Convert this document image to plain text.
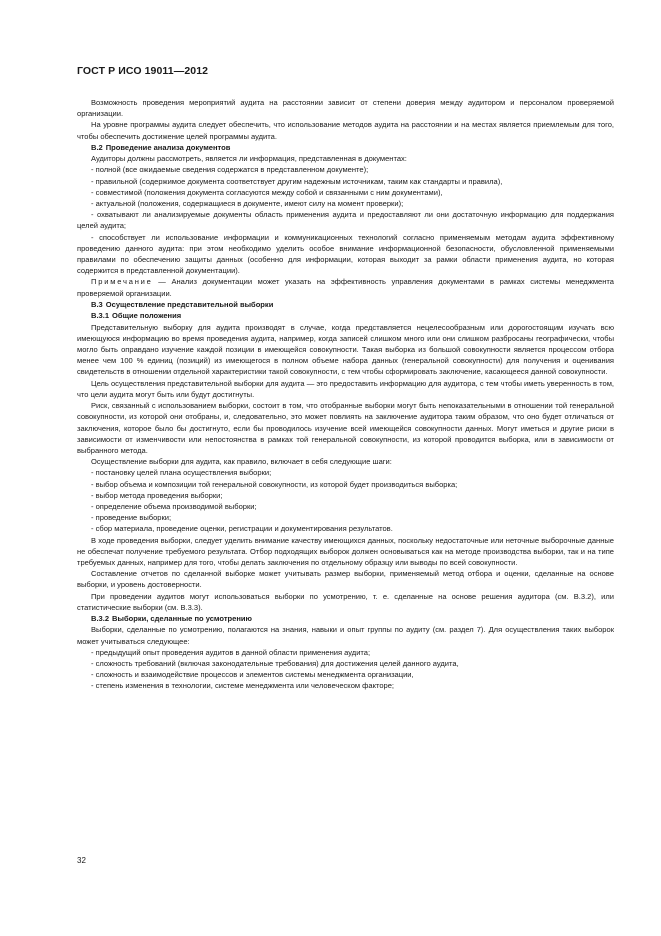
ГОСТ Р ИСО 19011—2012

Возможность проведения мероприятий аудита на расстоянии зависит от степени доверия между аудитором и персоналом проверяемой организации.

На уровне программы аудита следует обеспечить, что использование методов аудита на расстоянии и на местах является приемлемым для того, чтобы обеспечить достижение целей программы аудита.

В.2 Проведение анализа документов

Аудиторы должны рассмотреть, является ли информация, представленная в документах:

- полной (все ожидаемые сведения содержатся в представленном документе);

- правильной (содержимое документа соответствует другим надежным источникам, таким как стандарты и правила),

- совместимой (положения документа согласуются между собой и связанными с ним документами),

- актуальной (положения, содержащиеся в документе, имеют силу на момент проверки);

- охватывают ли анализируемые документы область применения аудита и предоставляют ли они достаточную информацию для поддержания целей аудита;

- способствует ли использование информации и коммуникационных технологий согласно применяемым методам аудита эффективному проведению данного аудита: при этом необходимо уделить особое внимание информационной безопасности, обусловленной применяемыми правилами по обеспечению защиты данных (особенно для информации, которая выходит за рамки области применения аудита, но которая содержится в представленной документации).

Примечание — Анализ документации может указать на эффективность управления документами в рамках системы менеджмента проверяемой организации.

В.3 Осуществление представительной выборки
В.3.1 Общие положения

Представительную выборку для аудита производят в случае, когда представляется нецелесообразным или дорогостоящим изучать всю имеющуюся информацию во время проведения аудита, например, когда записей слишком много или они слишком разбросаны географически, чтобы могло быть оправдано изучение каждой позиции в имеющейся совокупности. Такая выборка из большой совокупности является процессом отбора менее чем 100 % единиц (позиций) из имеющегося в полном объеме набора данных (генеральной совокупности) для получения и оценивания свидетельств в отношении отдельной характеристики такой совокупности, с тем чтобы сформировать заключение, касающееся данной совокупности.

Цель осуществления представительной выборки для аудита — это предоставить информацию для аудитора, с тем чтобы иметь уверенность в том, что цели аудита могут быть или будут достигнуты.

Риск, связанный с использованием выборки, состоит в том, что отобранные выборки могут быть непоказательными в отношении той генеральной совокупности, из которой они отобраны, и, следовательно, это может повлиять на заключение аудитора таким образом, что оно будет отличаться от заключения, которое было бы достигнуто, если бы проводилось изучение всей имеющейся совокупности данных. Могут иметься и другие риски в зависимости от изменчивости или непостоянства в рамках той генеральной совокупности, из которой проводится выборка, или в зависимости от выбранного метода.

Осуществление выборки для аудита, как правило, включает в себя следующие шаги:

- постановку целей плана осуществления выборки;

- выбор объема и композиции той генеральной совокупности, из которой будет производиться выборка;

- выбор метода проведения выборки;

- определение объема производимой выборки;

- проведение выборки;

- сбор материала, проведение оценки, регистрации и документирования результатов.

В ходе проведения выборки, следует уделить внимание качеству имеющихся данных, поскольку недостаточные или неточные выборочные данные не обеспечат получение требуемого результата. Отбор подходящих выборок должен основываться как на методе производства выборки, так и на типе требуемых данных, например для того, чтобы делать заключения по отдельному образцу или выводы по всей совокупности.

Составление отчетов по сделанной выборке может учитывать размер выборки, применяемый метод отбора и оценки, сделанные на основе выборки, и уровень достоверности.

При проведении аудитов могут использоваться выборки по усмотрению, т. е. сделанные на основе решения аудитора (см. В.3.2), или статистические выборки (см. В.3.3).

В.3.2 Выборки, сделанные по усмотрению

Выборки, сделанные по усмотрению, полагаются на знания, навыки и опыт группы по аудиту (см. раздел 7). Для осуществления таких выборок может учитываться следующее:

- предыдущий опыт проведения аудитов в данной области применения аудита;

- сложность требований (включая законодательные требования) для достижения целей данного аудита,

- сложность и взаимодействие процессов и элементов системы менеджмента организации,

- степень изменения в технологии, системе менеджмента или человеческом факторе;

32
